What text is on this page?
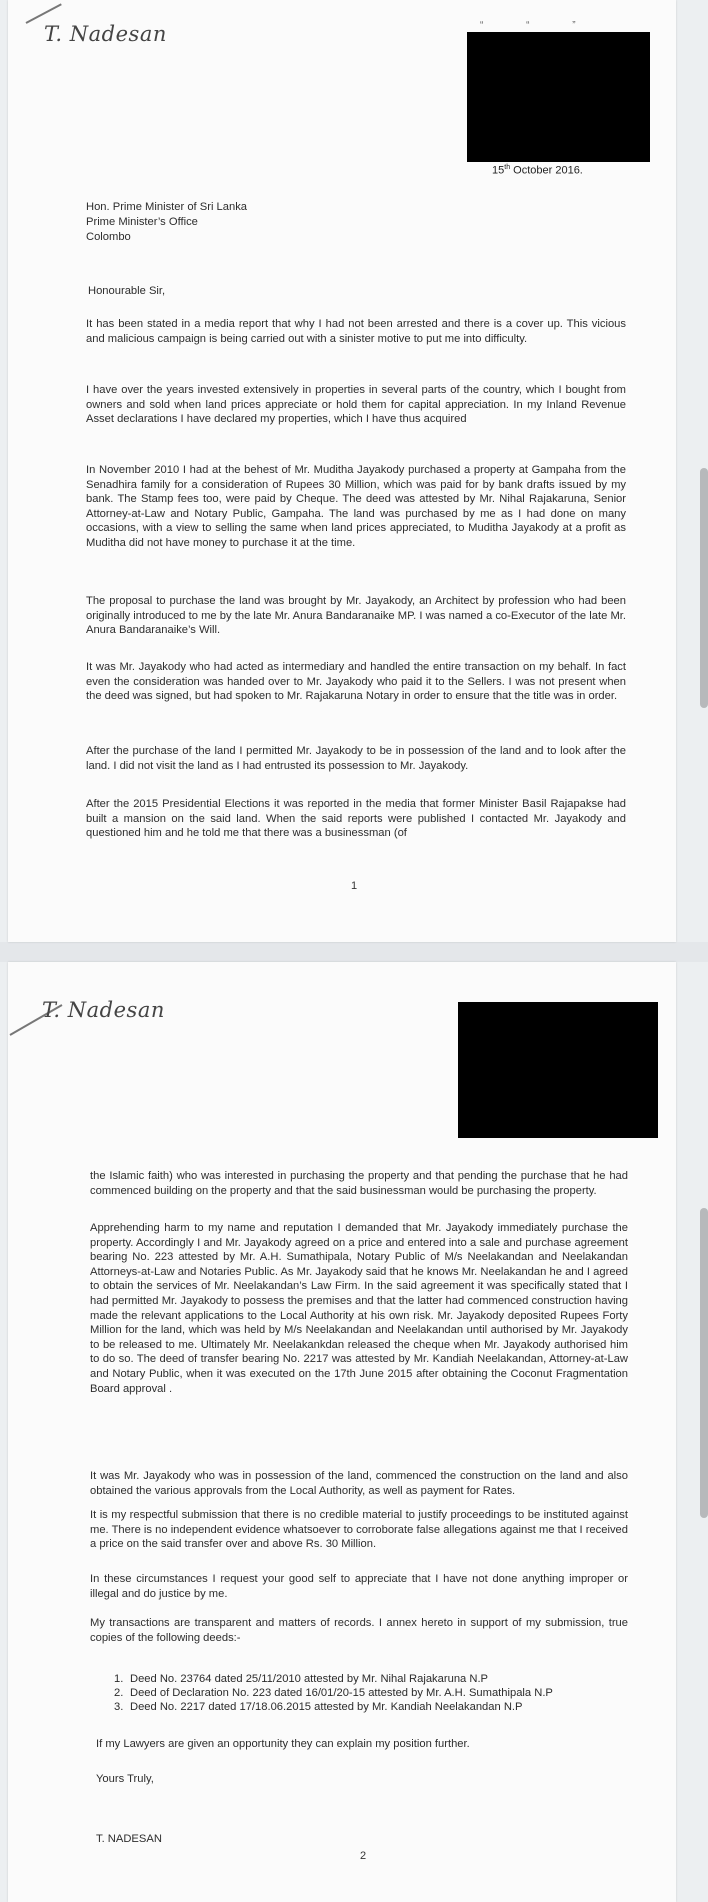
T. Nadesan	“ “ ”
15th October 2016.
Hon. Prime Minister of Sri Lanka
Prime Minister’s Office
Colombo
Honourable Sir,
It has been stated in a media report that why I had not been arrested and there is a cover up. This vicious and malicious campaign is being carried out with a sinister motive to put me into difficulty.
I have over the years invested extensively in properties in several parts of the country, which I bought from owners and sold when land prices appreciate or hold them for capital appreciation. In my Inland Revenue Asset declarations I have declared my properties, which I have thus acquired
In November 2010 I had at the behest of Mr. Muditha Jayakody purchased a property at Gampaha from the Senadhira family for a consideration of Rupees 30 Million, which was paid for by bank drafts issued by my bank. The Stamp fees too, were paid by Cheque. The deed was attested by Mr. Nihal Rajakaruna, Senior Attorney-at-Law and Notary Public, Gampaha. The land was purchased by me as I had done on many occasions, with a view to selling the same when land prices appreciated, to Muditha Jayakody at a profit as Muditha did not have money to purchase it at the time.
The proposal to purchase the land was brought by Mr. Jayakody, an Architect by profession who had been originally introduced to me by the late Mr. Anura Bandaranaike MP. I was named a co-Executor of the late Mr. Anura Bandaranaike’s Will.
It was Mr. Jayakody who had acted as intermediary and handled the entire transaction on my behalf. In fact even the consideration was handed over to Mr. Jayakody who paid it to the Sellers. I was not present when the deed was signed, but had spoken to Mr. Rajakaruna Notary in order to ensure that the title was in order.
After the purchase of the land I permitted Mr. Jayakody to be in possession of the land and to look after the land. I did not visit the land as I had entrusted its possession to Mr. Jayakody.
After the 2015 Presidential Elections it was reported in the media that former Minister Basil Rajapakse had built a mansion on the said land. When the said reports were published I contacted Mr. Jayakody and questioned him and he told me that there was a businessman (of
1
T. Nadesan
the Islamic faith) who was interested in purchasing the property and that pending the purchase that he had commenced building on the property and that the said businessman would be purchasing the property.
Apprehending harm to my name and reputation I demanded that Mr. Jayakody immediately purchase the property. Accordingly I and Mr. Jayakody agreed on a price and entered into a sale and purchase agreement bearing No. 223 attested by Mr. A.H. Sumathipala, Notary Public of M/s Neelakandan and Neelakandan Attorneys-at-Law and Notaries Public. As Mr. Jayakody said that he knows Mr. Neelakandan he and I agreed to obtain the services of Mr. Neelakandan’s Law Firm. In the said agreement it was specifically stated that I had permitted Mr. Jayakody to possess the premises and that the latter had commenced construction having made the relevant applications to the Local Authority at his own risk. Mr. Jayakody deposited Rupees Forty Million for the land, which was held by M/s Neelakandan and Neelakandan until authorised by Mr. Jayakody to be released to me. Ultimately Mr. Neelakankdan released the cheque when Mr. Jayakody authorised him to do so. The deed of transfer bearing No. 2217 was attested by Mr. Kandiah Neelakandan, Attorney-at-Law and Notary Public, when it was executed on the 17th June 2015 after obtaining the Coconut Fragmentation Board approval .
It was Mr. Jayakody who was in possession of the land, commenced the construction on the land and also obtained the various approvals from the Local Authority, as well as payment for Rates.
It is my respectful submission that there is no credible material to justify proceedings to be instituted against me. There is no independent evidence whatsoever to corroborate false allegations against me that I received a price on the said transfer over and above Rs. 30 Million.
In these circumstances I request your good self to appreciate that I have not done anything improper or illegal and do justice by me.
My transactions are transparent and matters of records. I annex hereto in support of my submission, true copies of the following deeds:-
1. Deed No. 23764 dated 25/11/2010 attested by Mr. Nihal Rajakaruna N.P
2. Deed of Declaration No. 223 dated 16/01/20-15 attested by Mr. A.H. Sumathipala N.P
3. Deed No. 2217 dated 17/18.06.2015 attested by Mr. Kandiah Neelakandan N.P
If my Lawyers are given an opportunity they can explain my position further.
Yours Truly,
T. NADESAN
2
